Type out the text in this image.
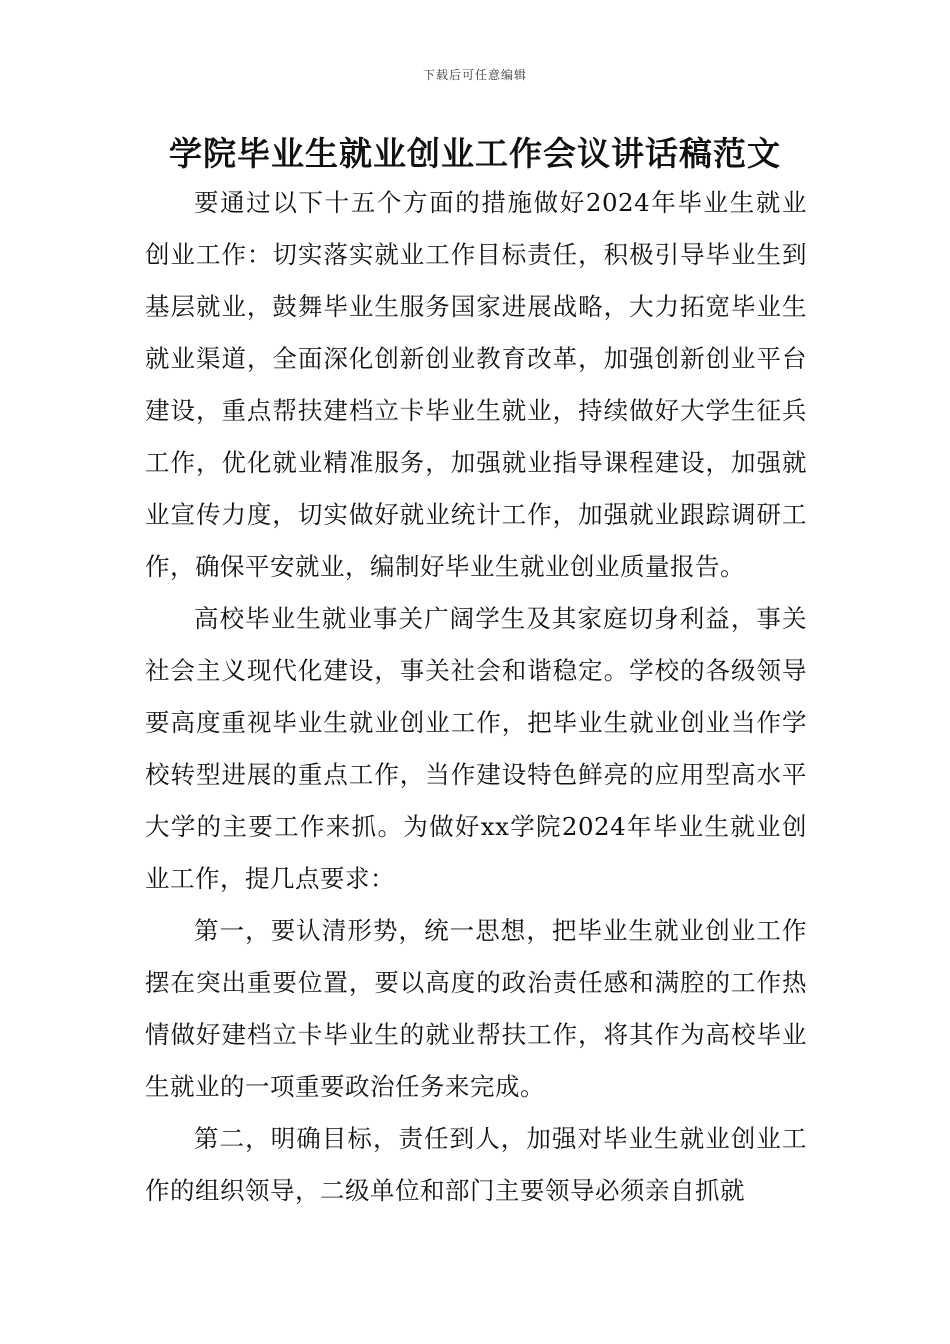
下载后可任意编辑
学院毕业生就业创业工作会议讲话稿范文

要通过以下十五个方面的措施做好2024年毕业生就业创业工作：切实落实就业工作目标责任，积极引导毕业生到基层就业，鼓舞毕业生服务国家进展战略，大力拓宽毕业生就业渠道，全面深化创新创业教育改革，加强创新创业平台建设，重点帮扶建档立卡毕业生就业，持续做好大学生征兵工作，优化就业精准服务，加强就业指导课程建设，加强就业宣传力度，切实做好就业统计工作，加强就业跟踪调研工作，确保平安就业，编制好毕业生就业创业质量报告。

高校毕业生就业事关广阔学生及其家庭切身利益，事关社会主义现代化建设，事关社会和谐稳定。学校的各级领导要高度重视毕业生就业创业工作，把毕业生就业创业当作学校转型进展的重点工作，当作建设特色鲜亮的应用型高水平大学的主要工作来抓。为做好xx学院2024年毕业生就业创业工作，提几点要求：

第一，要认清形势，统一思想，把毕业生就业创业工作摆在突出重要位置，要以高度的政治责任感和满腔的工作热情做好建档立卡毕业生的就业帮扶工作，将其作为高校毕业生就业的一项重要政治任务来完成。

第二，明确目标，责任到人，加强对毕业生就业创业工作的组织领导，二级单位和部门主要领导必须亲自抓就
